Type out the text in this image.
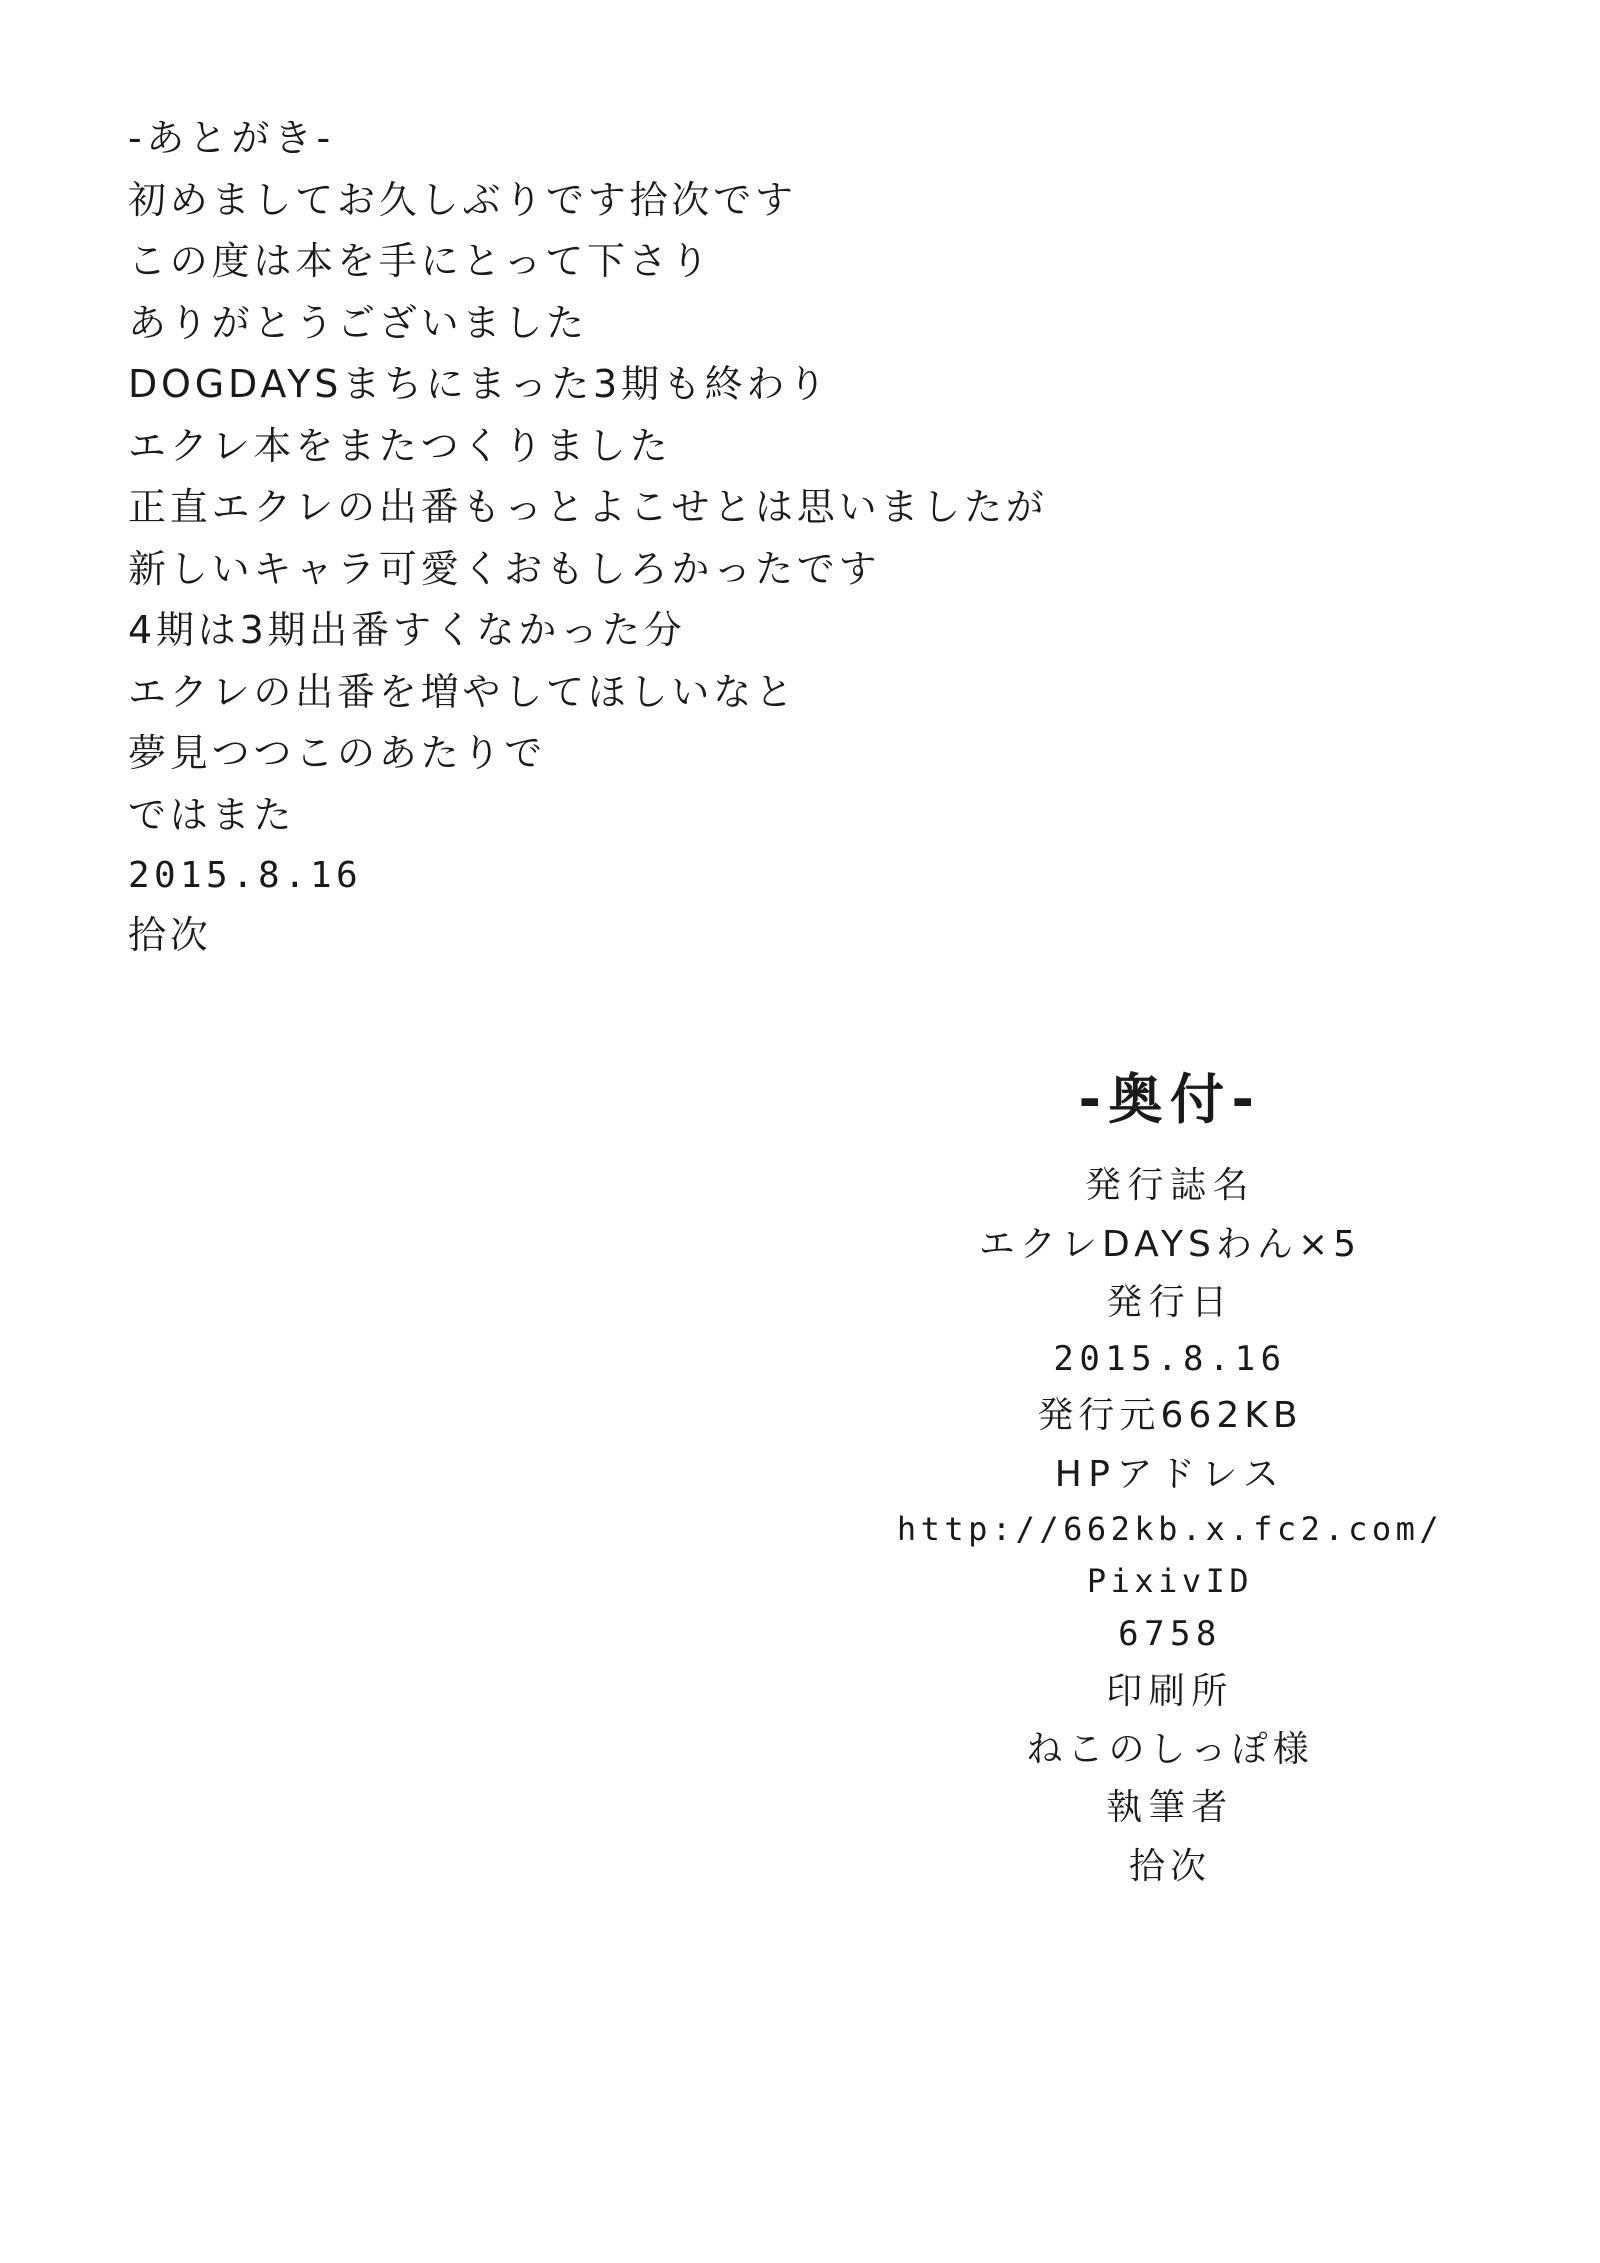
-あとがき-
初めましてお久しぶりです拾次です
この度は本を手にとって下さり
ありがとうございました
DOGDAYSまちにまった3期も終わり
エクレ本をまたつくりました
正直エクレの出番もっとよこせとは思いましたが
新しいキャラ可愛くおもしろかったです
4期は3期出番すくなかった分
エクレの出番を増やしてほしいなと
夢見つつこのあたりで
ではまた
2015.8.16
拾次
-奥付-
発行誌名
エクレDAYSわん×5
発行日
2015.8.16
発行元662KB
HPアドレス
http://662kb.x.fc2.com/
PixivID
6758
印刷所
ねこのしっぽ様
執筆者
拾次
